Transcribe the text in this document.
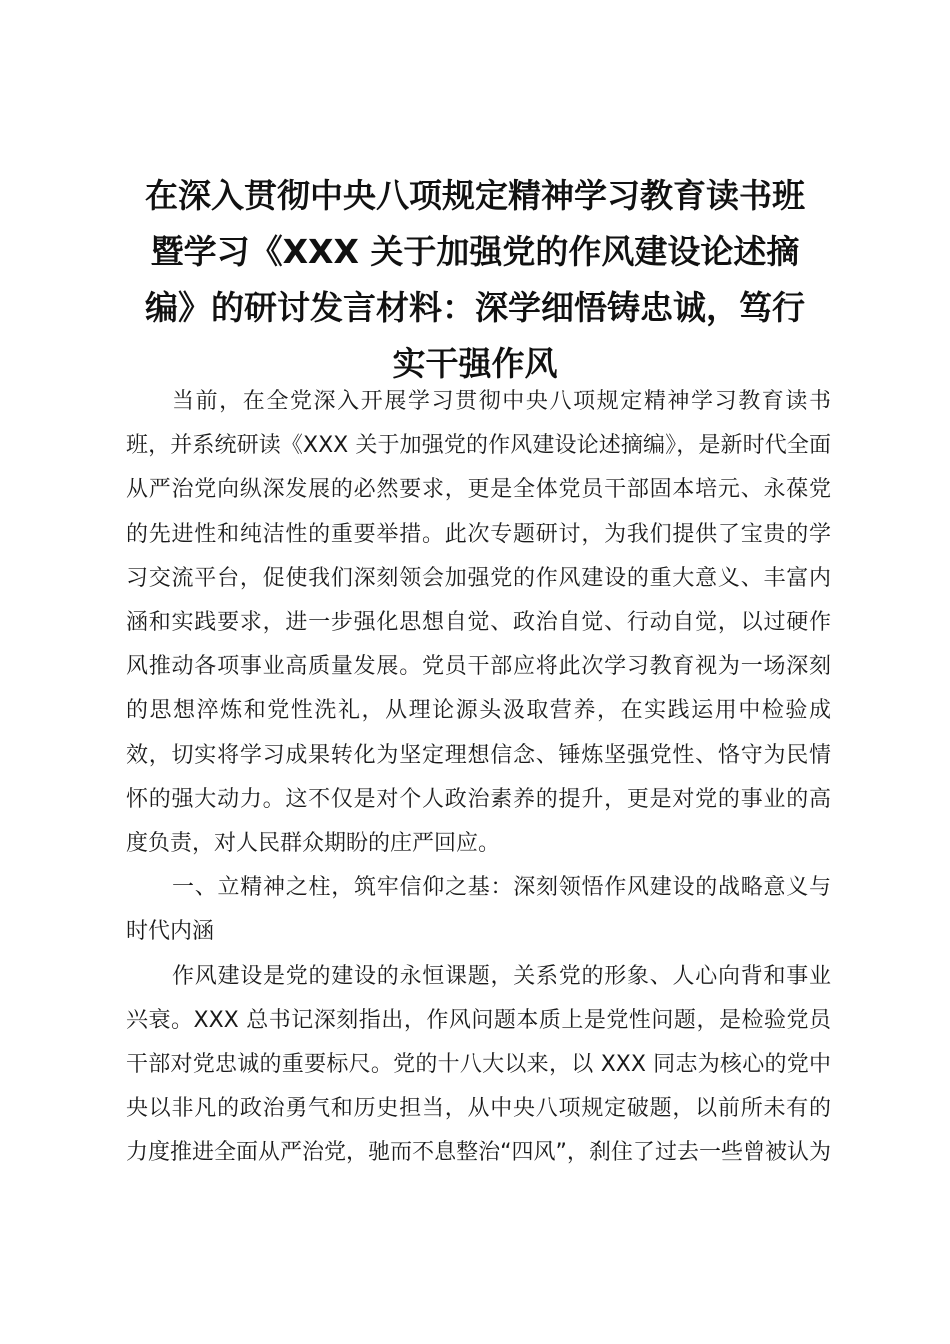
在深入贯彻中央八项规定精神学习教育读书班
暨学习《XXX 关于加强党的作风建设论述摘
编》的研讨发言材料：深学细悟铸忠诚，笃行
实干强作风

当前，在全党深入开展学习贯彻中央八项规定精神学习教育读书
班，并系统研读《XXX 关于加强党的作风建设论述摘编》，是新时代全面
从严治党向纵深发展的必然要求，更是全体党员干部固本培元、永葆党
的先进性和纯洁性的重要举措。此次专题研讨，为我们提供了宝贵的学
习交流平台，促使我们深刻领会加强党的作风建设的重大意义、丰富内
涵和实践要求，进一步强化思想自觉、政治自觉、行动自觉，以过硬作
风推动各项事业高质量发展。党员干部应将此次学习教育视为一场深刻
的思想淬炼和党性洗礼，从理论源头汲取营养，在实践运用中检验成
效，切实将学习成果转化为坚定理想信念、锤炼坚强党性、恪守为民情
怀的强大动力。这不仅是对个人政治素养的提升，更是对党的事业的高
度负责，对人民群众期盼的庄严回应。

一、立精神之柱，筑牢信仰之基：深刻领悟作风建设的战略意义与
时代内涵

作风建设是党的建设的永恒课题，关系党的形象、人心向背和事业
兴衰。XXX 总书记深刻指出，作风问题本质上是党性问题，是检验党员
干部对党忠诚的重要标尺。党的十八大以来，以 XXX 同志为核心的党中
央以非凡的政治勇气和历史担当，从中央八项规定破题，以前所未有的
力度推进全面从严治党，驰而不息整治“四风”，刹住了过去一些曾被认为
